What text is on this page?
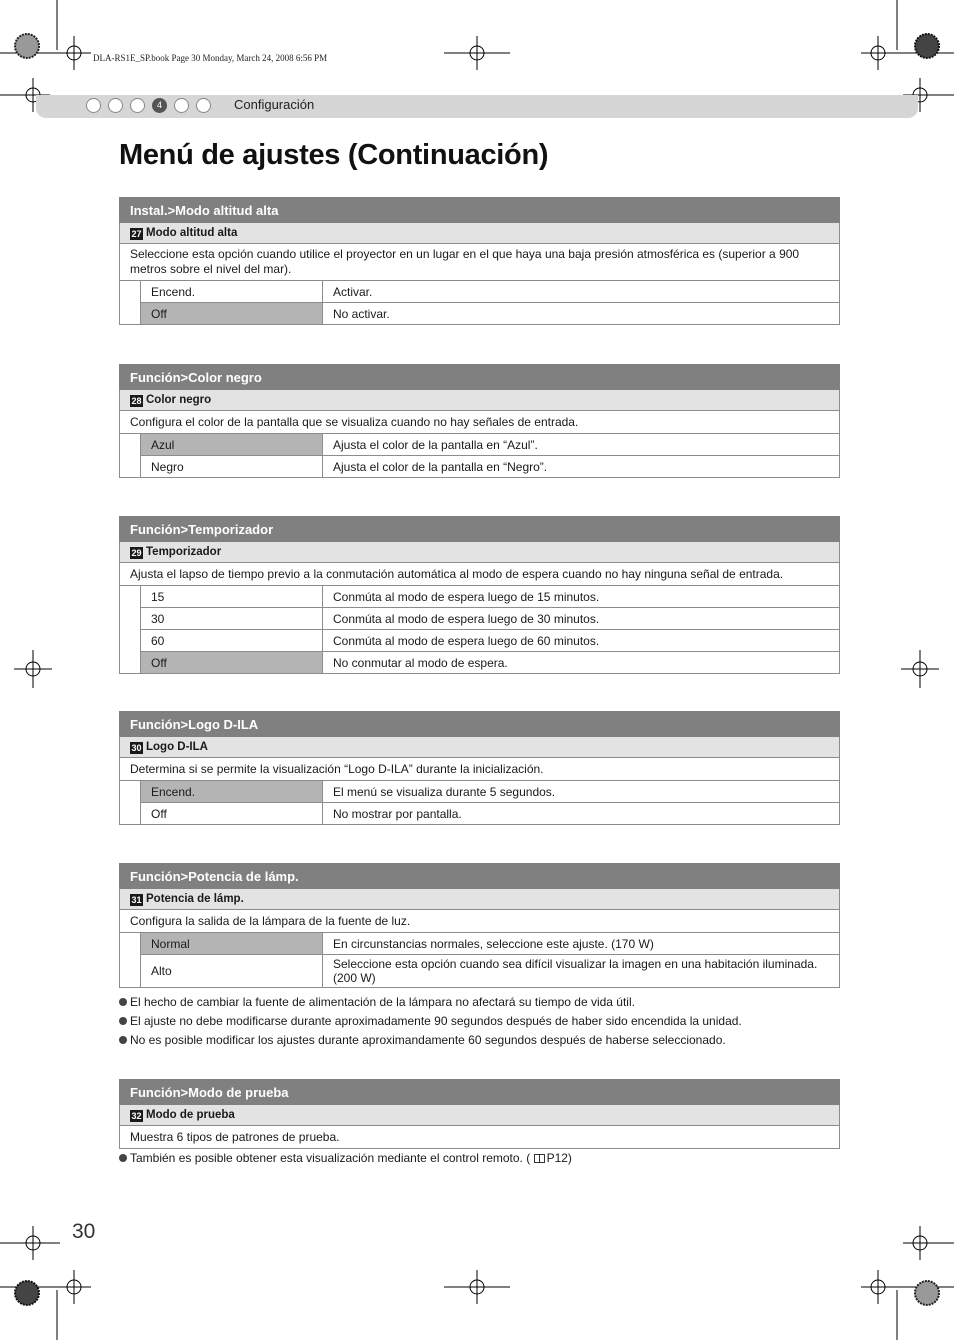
DLA-RS1E_SP.book Page 30 Monday, March 24, 2008 6:56 PM
4	Configuración
Menú de ajustes (Continuación)
Instal.>Modo altitud alta		
27 Modo altitud alta		
Seleccione esta opción cuando utilice el proyector en un lugar en el que haya una baja presión atmosférica es (superior a 900 metros sobre el nivel del mar).		
	Encend.	Activar.
	Off	No activar.
Función>Color negro		
28 Color negro		
Configura el color de la pantalla que se visualiza cuando no hay señales de entrada.		
	Azul	Ajusta el color de la pantalla en “Azul”.
	Negro	Ajusta el color de la pantalla en “Negro”.
Función>Temporizador		
29 Temporizador		
Ajusta el lapso de tiempo previo a la conmutación automática al modo de espera cuando no hay ninguna señal de entrada.		
	15	Conmúta al modo de espera luego de 15 minutos.
	30	Conmúta al modo de espera luego de 30 minutos.
	60	Conmúta al modo de espera luego de 60 minutos.
	Off	No conmutar al modo de espera.
Función>Logo D-ILA		
30 Logo D-ILA		
Determina si se permite la visualización “Logo D-ILA” durante la inicialización.		
	Encend.	El menú se visualiza durante 5 segundos.
	Off	No mostrar por pantalla.
Función>Potencia de lámp.		
31 Potencia de lámp.		
Configura la salida de la lámpara de la fuente de luz.		
	Normal	En circunstancias normales, seleccione este ajuste. (170 W)
	Alto	Seleccione esta opción cuando sea difícil visualizar la imagen en una habitación iluminada. (200 W)
Función>Modo de prueba
32 Modo de prueba
Muestra 6 tipos de patrones de prueba.
El hecho de cambiar la fuente de alimentación de la lámpara no afectará su tiempo de vida útil.
El ajuste no debe modificarse durante aproximadamente 90 segundos después de haber sido encendida la unidad.
No es posible modificar los ajustes durante aproximandamente 60 segundos después de haberse seleccionado.
También es posible obtener esta visualización mediante el control remoto. ( P12)
30
